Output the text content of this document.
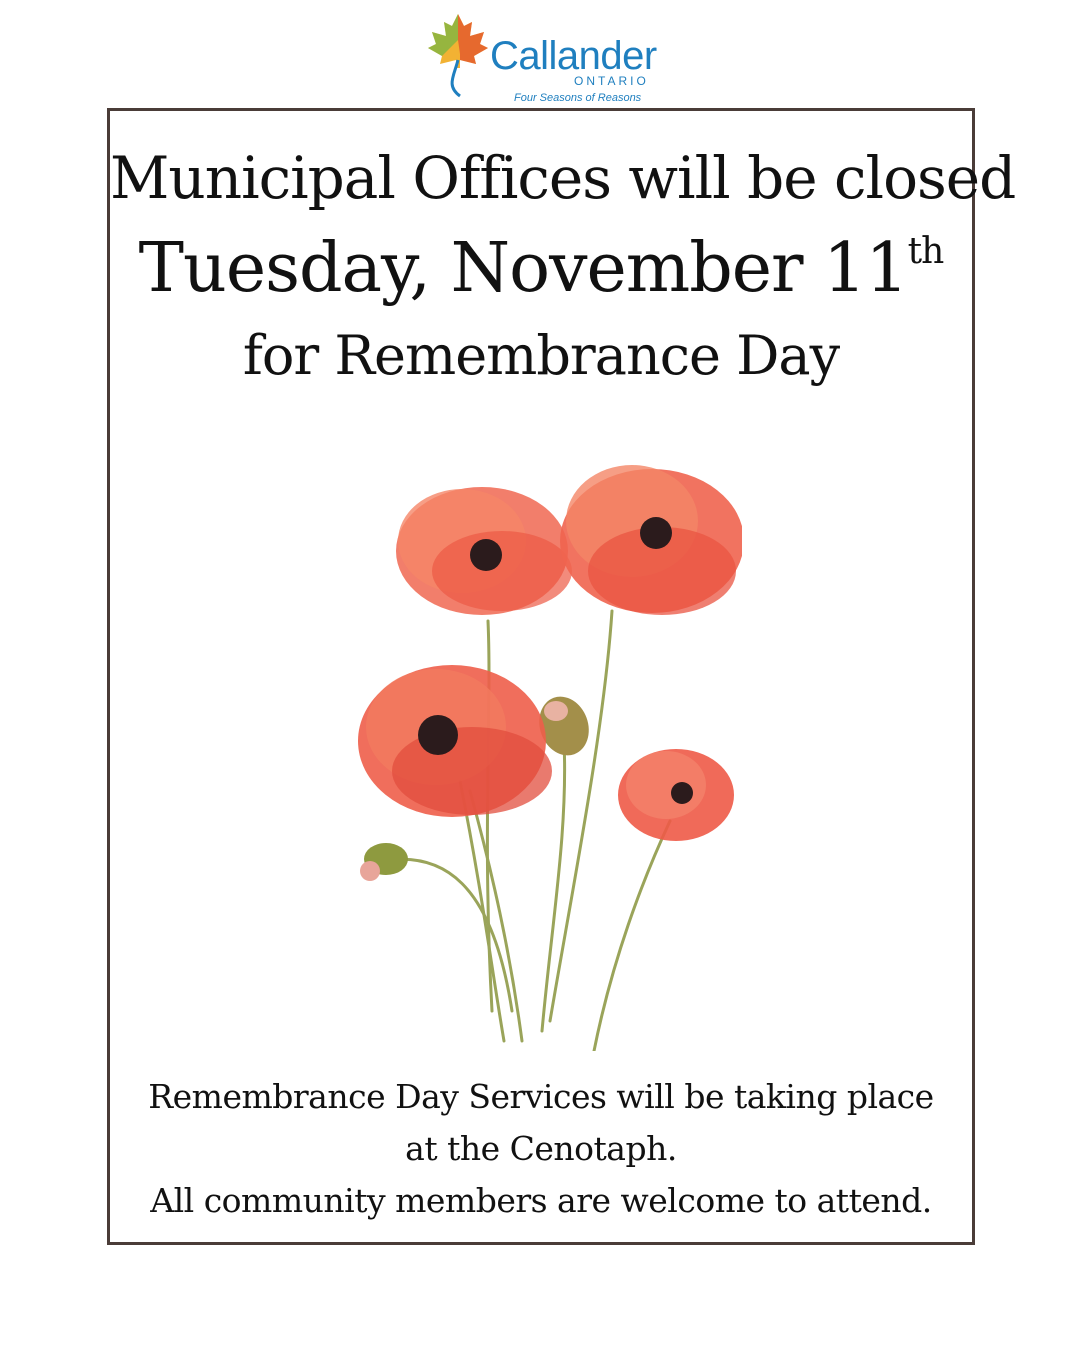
Callander
ONTARIO
Four Seasons of Reasons

Municipal Offices will be closed

Tuesday, November 11th

for Remembrance Day

Remembrance Day Services will be taking place
at the Cenotaph.
All community members are welcome to attend.
